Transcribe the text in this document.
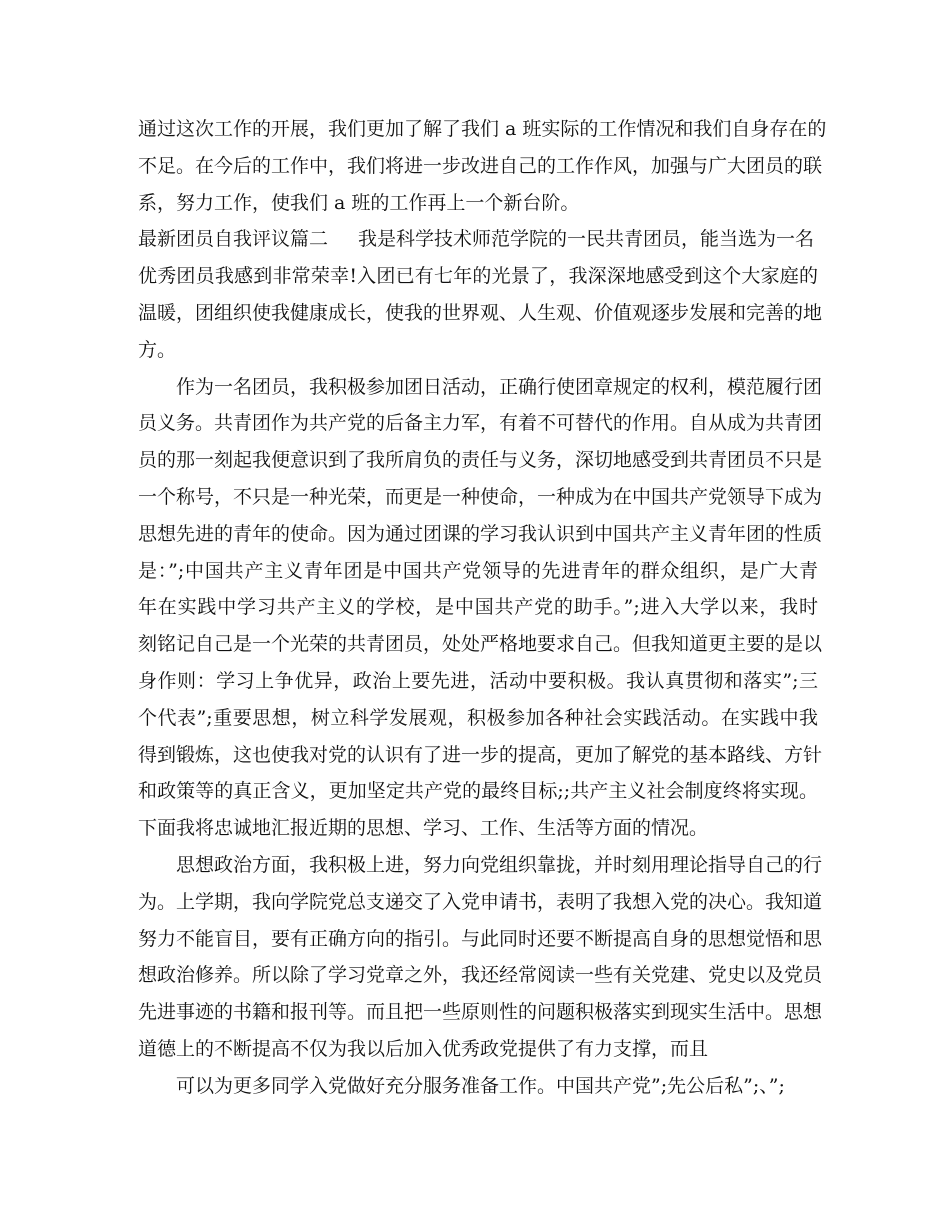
通过这次工作的开展，我们更加了解了我们 a 班实际的工作情况和我们自身存在的
不足。在今后的工作中，我们将进一步改进自己的工作作风，加强与广大团员的联
系，努力工作，使我们 a 班的工作再上一个新台阶。
最新团员自我评议篇二 我是科学技术师范学院的一民共青团员，能当选为一名
优秀团员我感到非常荣幸!入团已有七年的光景了，我深深地感受到这个大家庭的
温暖，团组织使我健康成长，使我的世界观、人生观、价值观逐步发展和完善的地
方。
作为一名团员，我积极参加团日活动，正确行使团章规定的权利，模范履行团
员义务。共青团作为共产党的后备主力军，有着不可替代的作用。自从成为共青团
员的那一刻起我便意识到了我所肩负的责任与义务，深切地感受到共青团员不只是
一个称号，不只是一种光荣，而更是一种使命，一种成为在中国共产党领导下成为
思想先进的青年的使命。因为通过团课的学习我认识到中国共产主义青年团的性质
是：”;中国共产主义青年团是中国共产党领导的先进青年的群众组织，是广大青
年在实践中学习共产主义的学校，是中国共产党的助手。”;进入大学以来，我时
刻铭记自己是一个光荣的共青团员，处处严格地要求自己。但我知道更主要的是以
身作则：学习上争优异，政治上要先进，活动中要积极。我认真贯彻和落实”;三
个代表”;重要思想，树立科学发展观，积极参加各种社会实践活动。在实践中我
得到锻炼，这也使我对党的认识有了进一步的提高，更加了解党的基本路线、方针
和政策等的真正含义，更加坚定共产党的最终目标;;共产主义社会制度终将实现。
下面我将忠诚地汇报近期的思想、学习、工作、生活等方面的情况。
思想政治方面，我积极上进，努力向党组织靠拢，并时刻用理论指导自己的行
为。上学期，我向学院党总支递交了入党申请书，表明了我想入党的决心。我知道
努力不能盲目，要有正确方向的指引。与此同时还要不断提高自身的思想觉悟和思
想政治修养。所以除了学习党章之外，我还经常阅读一些有关党建、党史以及党员
先进事迹的书籍和报刊等。而且把一些原则性的问题积极落实到现实生活中。思想
道德上的不断提高不仅为我以后加入优秀政党提供了有力支撑，而且
可以为更多同学入党做好充分服务准备工作。中国共产党”;先公后私”;、”;
